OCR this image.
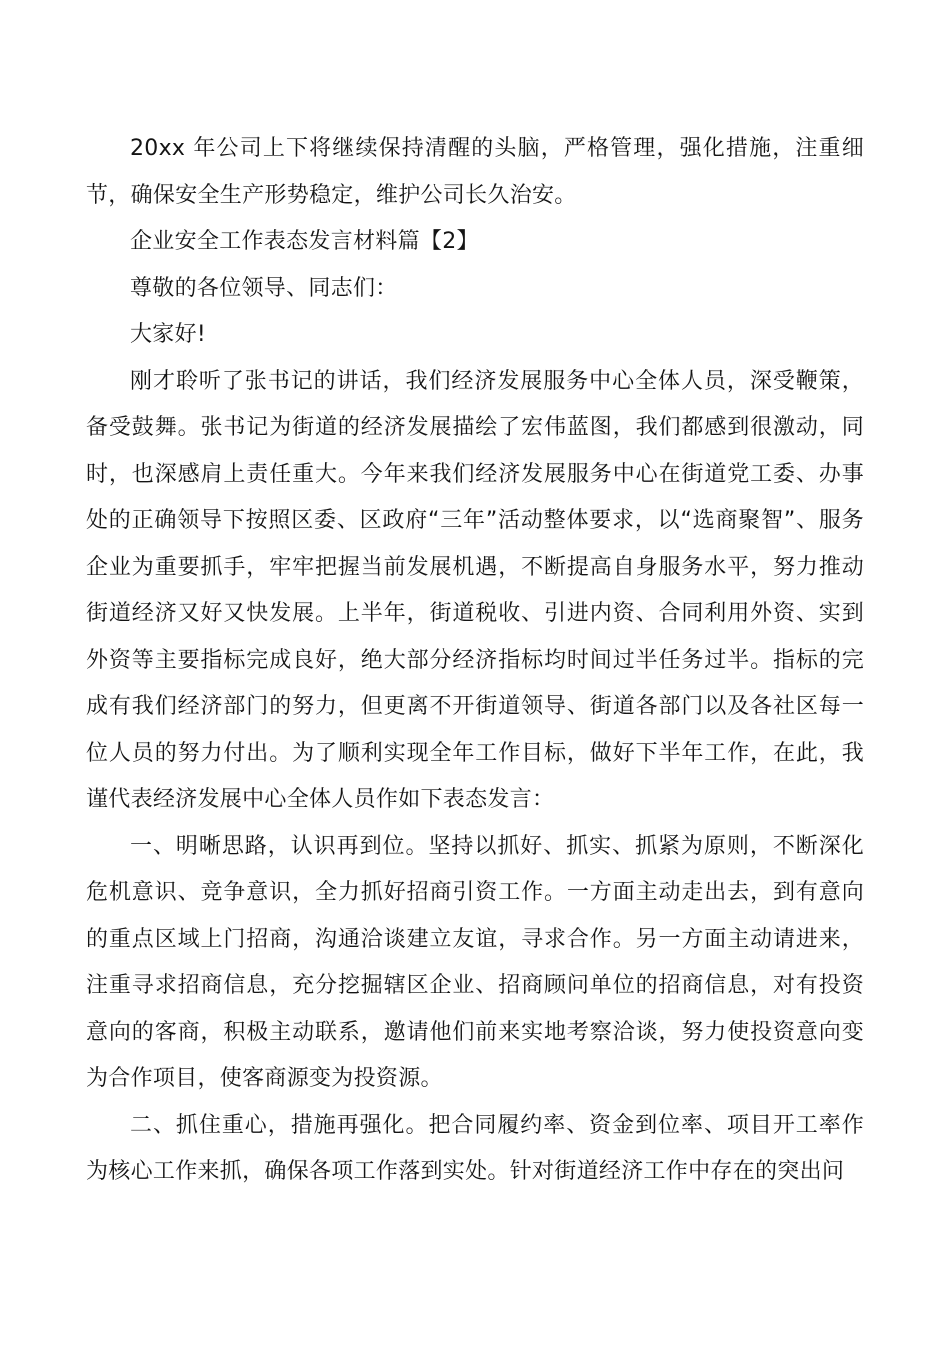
20xx 年公司上下将继续保持清醒的头脑，严格管理，强化措施，注重细节，确保安全生产形势稳定，维护公司长久治安。

企业安全工作表态发言材料篇【2】

尊敬的各位领导、同志们：

大家好!

刚才聆听了张书记的讲话，我们经济发展服务中心全体人员，深受鞭策，备受鼓舞。张书记为街道的经济发展描绘了宏伟蓝图，我们都感到很激动，同时，也深感肩上责任重大。今年来我们经济发展服务中心在街道党工委、办事处的正确领导下按照区委、区政府“三年”活动整体要求，以“选商聚智”、服务企业为重要抓手，牢牢把握当前发展机遇，不断提高自身服务水平，努力推动街道经济又好又快发展。上半年，街道税收、引进内资、合同利用外资、实到外资等主要指标完成良好，绝大部分经济指标均时间过半任务过半。指标的完成有我们经济部门的努力，但更离不开街道领导、街道各部门以及各社区每一位人员的努力付出。为了顺利实现全年工作目标，做好下半年工作，在此，我谨代表经济发展中心全体人员作如下表态发言：

一、明晰思路，认识再到位。坚持以抓好、抓实、抓紧为原则，不断深化危机意识、竞争意识，全力抓好招商引资工作。一方面主动走出去，到有意向的重点区域上门招商，沟通洽谈建立友谊，寻求合作。另一方面主动请进来，注重寻求招商信息，充分挖掘辖区企业、招商顾问单位的招商信息，对有投资意向的客商，积极主动联系，邀请他们前来实地考察洽谈，努力使投资意向变为合作项目，使客商源变为投资源。

二、抓住重心，措施再强化。把合同履约率、资金到位率、项目开工率作为核心工作来抓，确保各项工作落到实处。针对街道经济工作中存在的突出问
